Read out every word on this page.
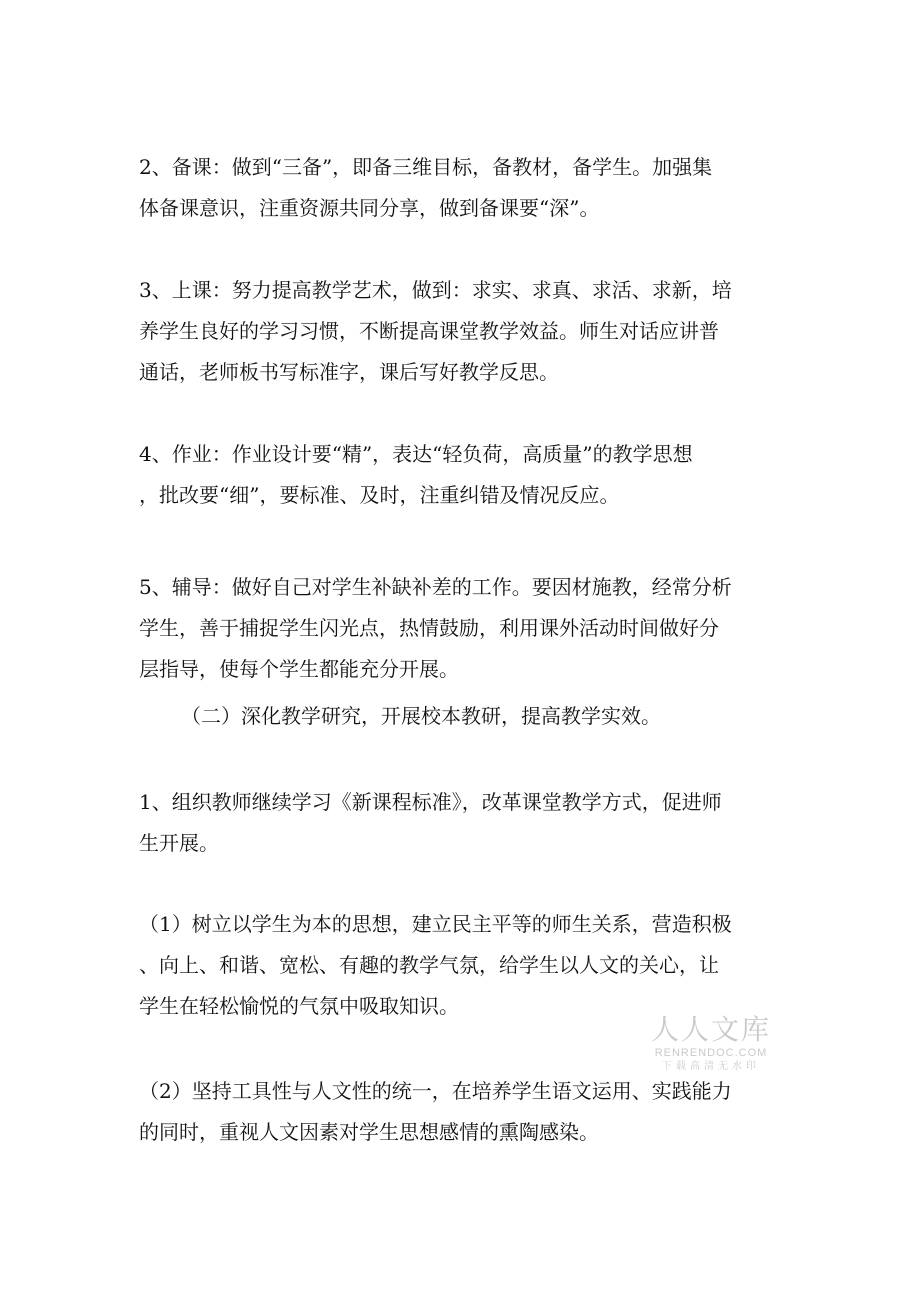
2、备课：做到“三备”，即备三维目标，备教材，备学生。加强集
体备课意识，注重资源共同分享，做到备课要“深”。
3、上课：努力提高教学艺术，做到：求实、求真、求活、求新，培
养学生良好的学习习惯，不断提高课堂教学效益。师生对话应讲普
通话，老师板书写标准字，课后写好教学反思。
4、作业：作业设计要“精”，表达“轻负荷，高质量”的教学思想
，批改要“细”，要标准、及时，注重纠错及情况反应。
5、辅导：做好自己对学生补缺补差的工作。要因材施教，经常分析
学生，善于捕捉学生闪光点，热情鼓励，利用课外活动时间做好分
层指导，使每个学生都能充分开展。
（二）深化教学研究，开展校本教研，提高教学实效。
1、组织教师继续学习《新课程标准》，改革课堂教学方式，促进师
生开展。
（1）树立以学生为本的思想，建立民主平等的师生关系，营造积极
、向上、和谐、宽松、有趣的教学气氛，给学生以人文的关心，让
学生在轻松愉悦的气氛中吸取知识。
（2）坚持工具性与人文性的统一，在培养学生语文运用、实践能力
的同时，重视人文因素对学生思想感情的熏陶感染。
人人文库
RENRENDOC.COM
下载高清无水印
